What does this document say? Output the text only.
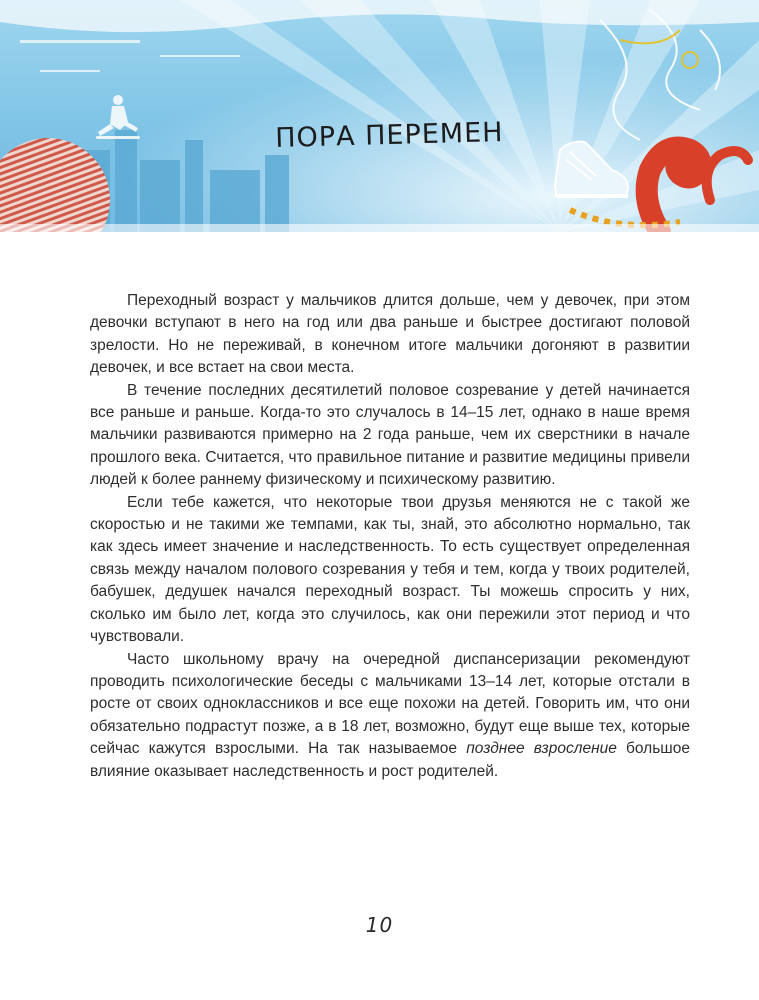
ПОРА ПЕРЕМЕН

Переходный возраст у мальчиков длится дольше, чем у девочек, при этом девочки вступают в него на год или два раньше и быстрее достигают половой зрелости. Но не переживай, в конечном итоге мальчики догоняют в развитии девочек, и все встает на свои места.

В течение последних десятилетий половое созревание у детей начинается все раньше и раньше. Когда-то это случалось в 14–15 лет, однако в наше время мальчики развиваются примерно на 2 года раньше, чем их сверстники в начале прошлого века. Считается, что правильное питание и развитие медицины привели людей к более раннему физическому и психическому развитию.

Если тебе кажется, что некоторые твои друзья меняются не с такой же скоростью и не такими же темпами, как ты, знай, это абсолютно нормально, так как здесь имеет значение и наследственность. То есть существует определенная связь между началом полового созревания у тебя и тем, когда у твоих родителей, бабушек, дедушек начался переходный возраст. Ты можешь спросить у них, сколько им было лет, когда это случилось, как они пережили этот период и что чувствовали.

Часто школьному врачу на очередной диспансеризации рекомендуют проводить психологические беседы с мальчиками 13–14 лет, которые отстали в росте от своих одноклассников и все еще похожи на детей. Говорить им, что они обязательно подрастут позже, а в 18 лет, возможно, будут еще выше тех, которые сейчас кажутся взрослыми. На так называемое позднее взросление большое влияние оказывает наследственность и рост родителей.

10
